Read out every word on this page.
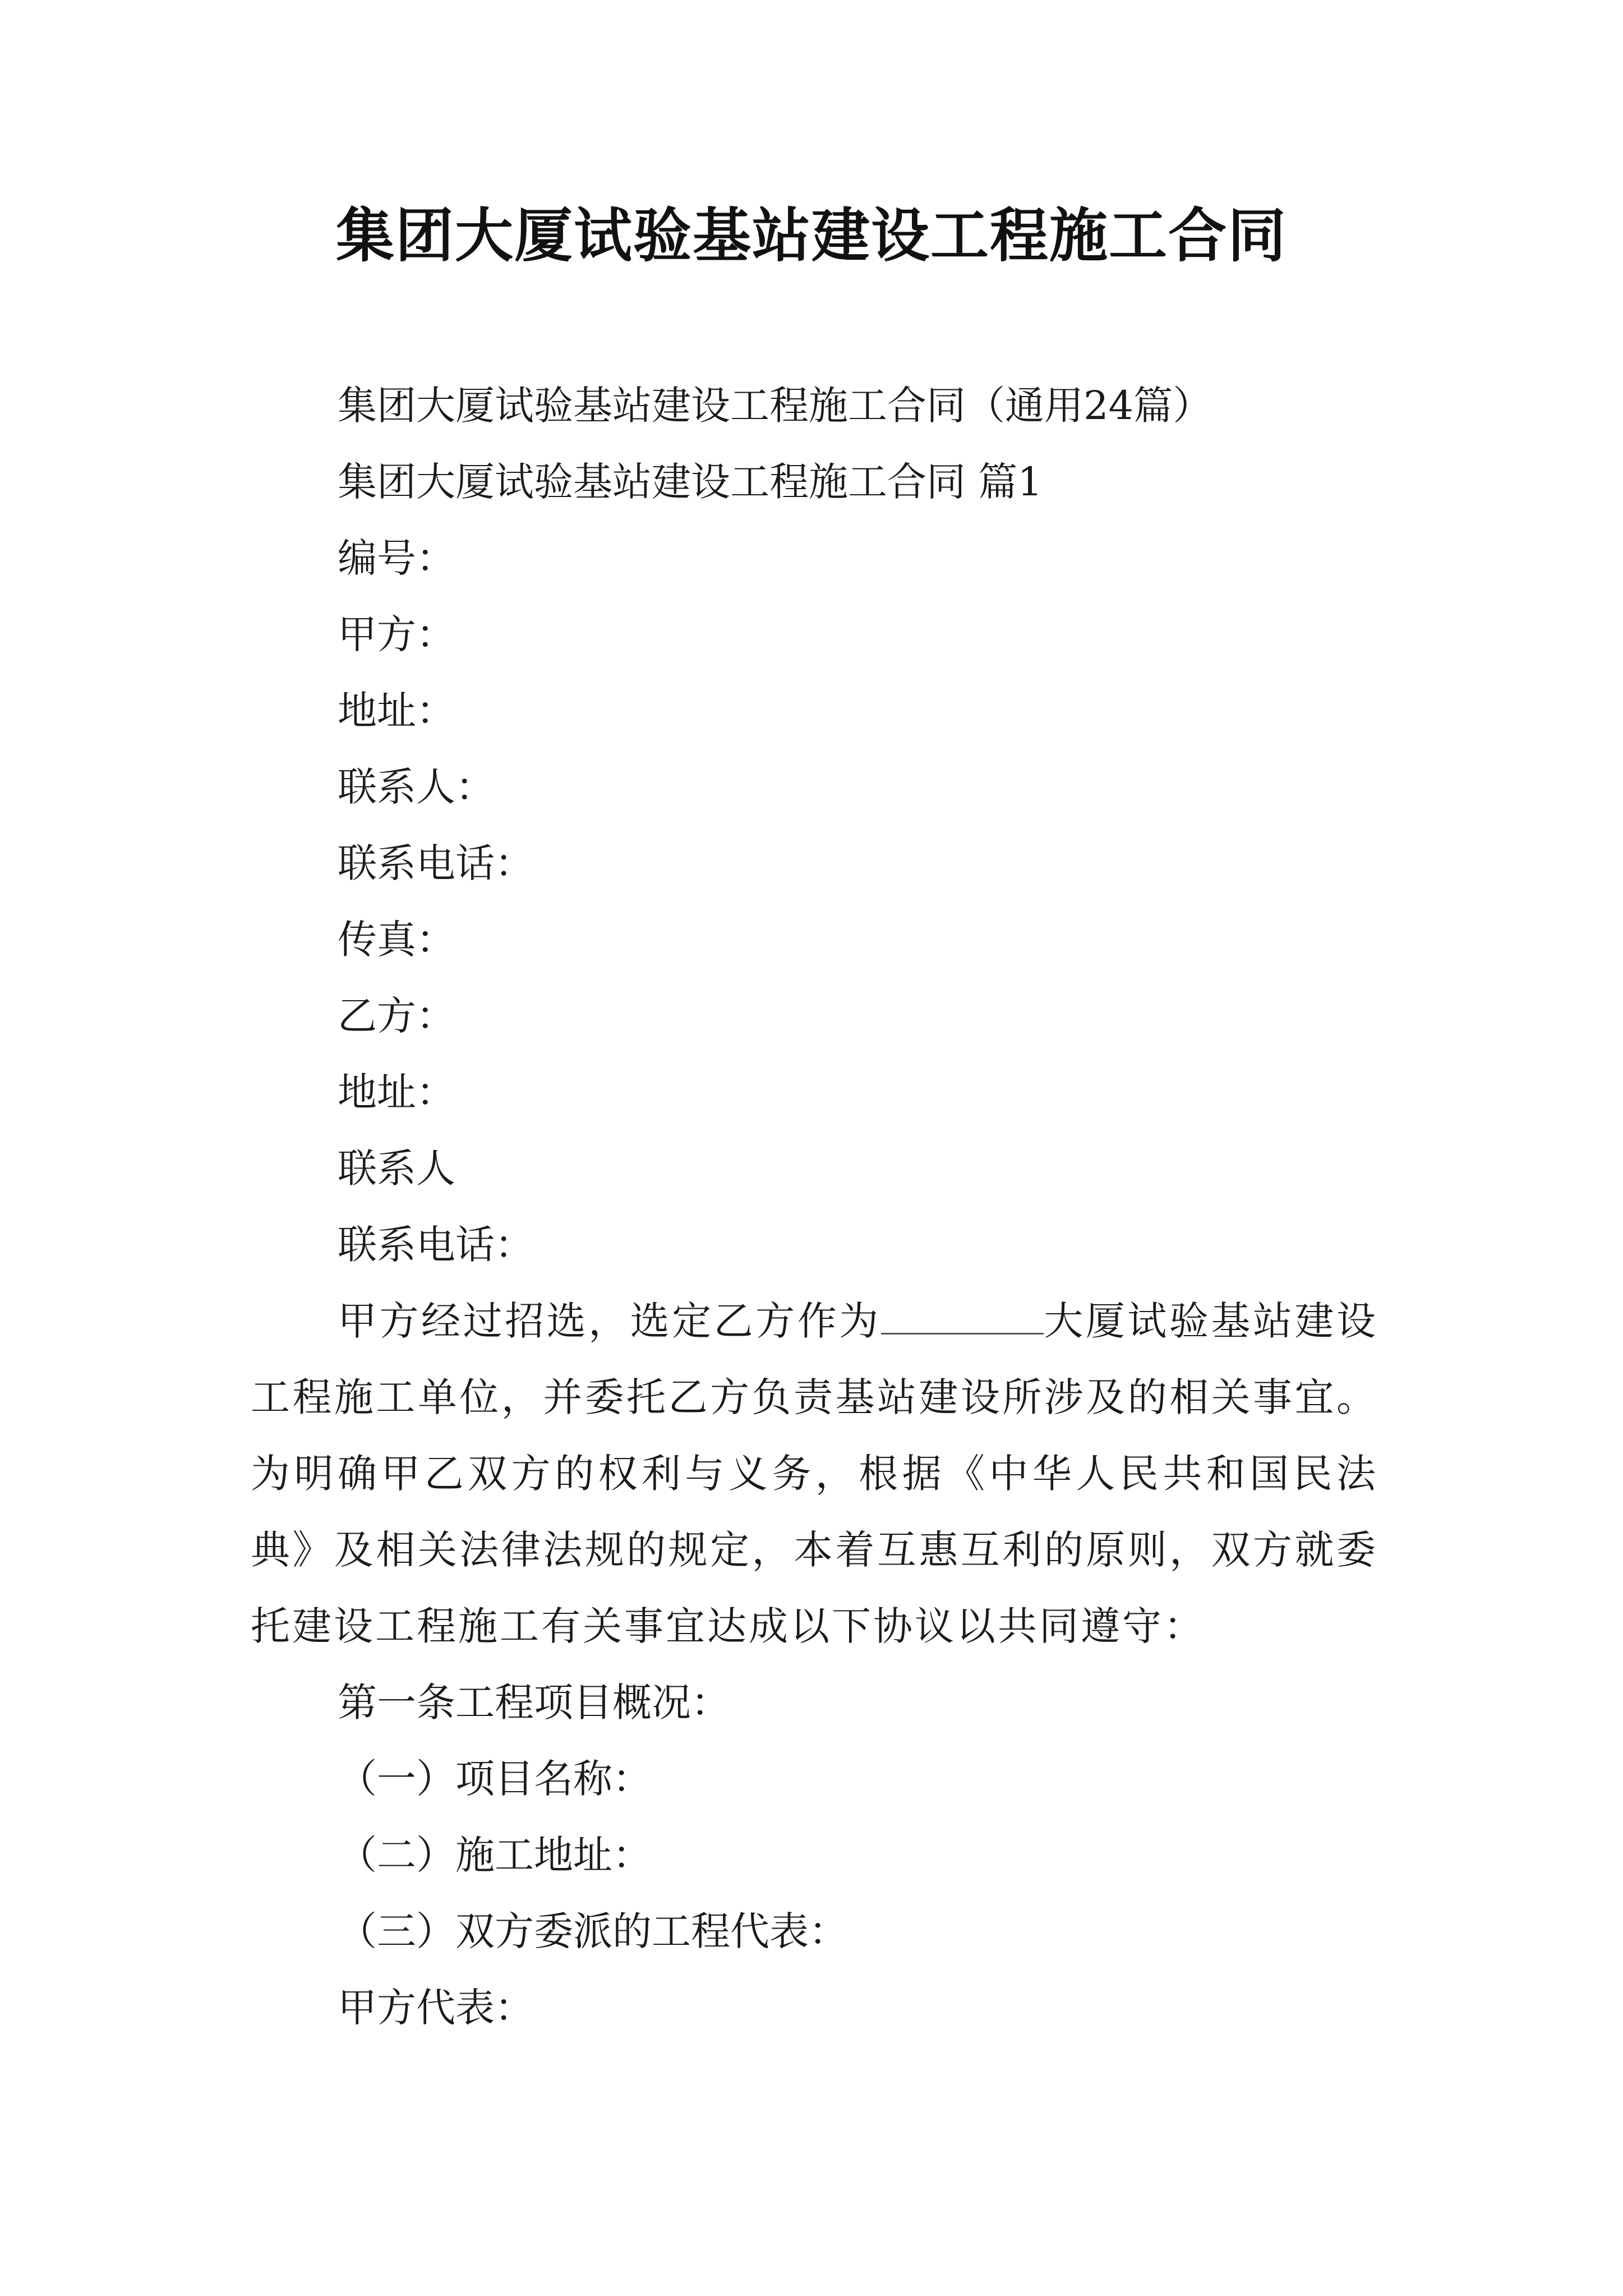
集团大厦试验基站建设工程施工合同

集团大厦试验基站建设工程施工合同（通用24篇）

集团大厦试验基站建设工程施工合同 篇1

编号：

甲方：

地址：

联系人：

联系电话：

传真：

乙方：

地址：

联系人

联系电话：

甲方经过招选，选定乙方作为	大厦试验基站建设工程施工单位，并委托乙方负责基站建设所涉及的相关事宜。为明确甲乙双方的权利与义务，根据《中华人民共和国民法典》及相关法律法规的规定，本着互惠互利的原则，双方就委托建设工程施工有关事宜达成以下协议以共同遵守：

第一条工程项目概况：

（一）项目名称：

（二）施工地址：

（三）双方委派的工程代表：

甲方代表：
